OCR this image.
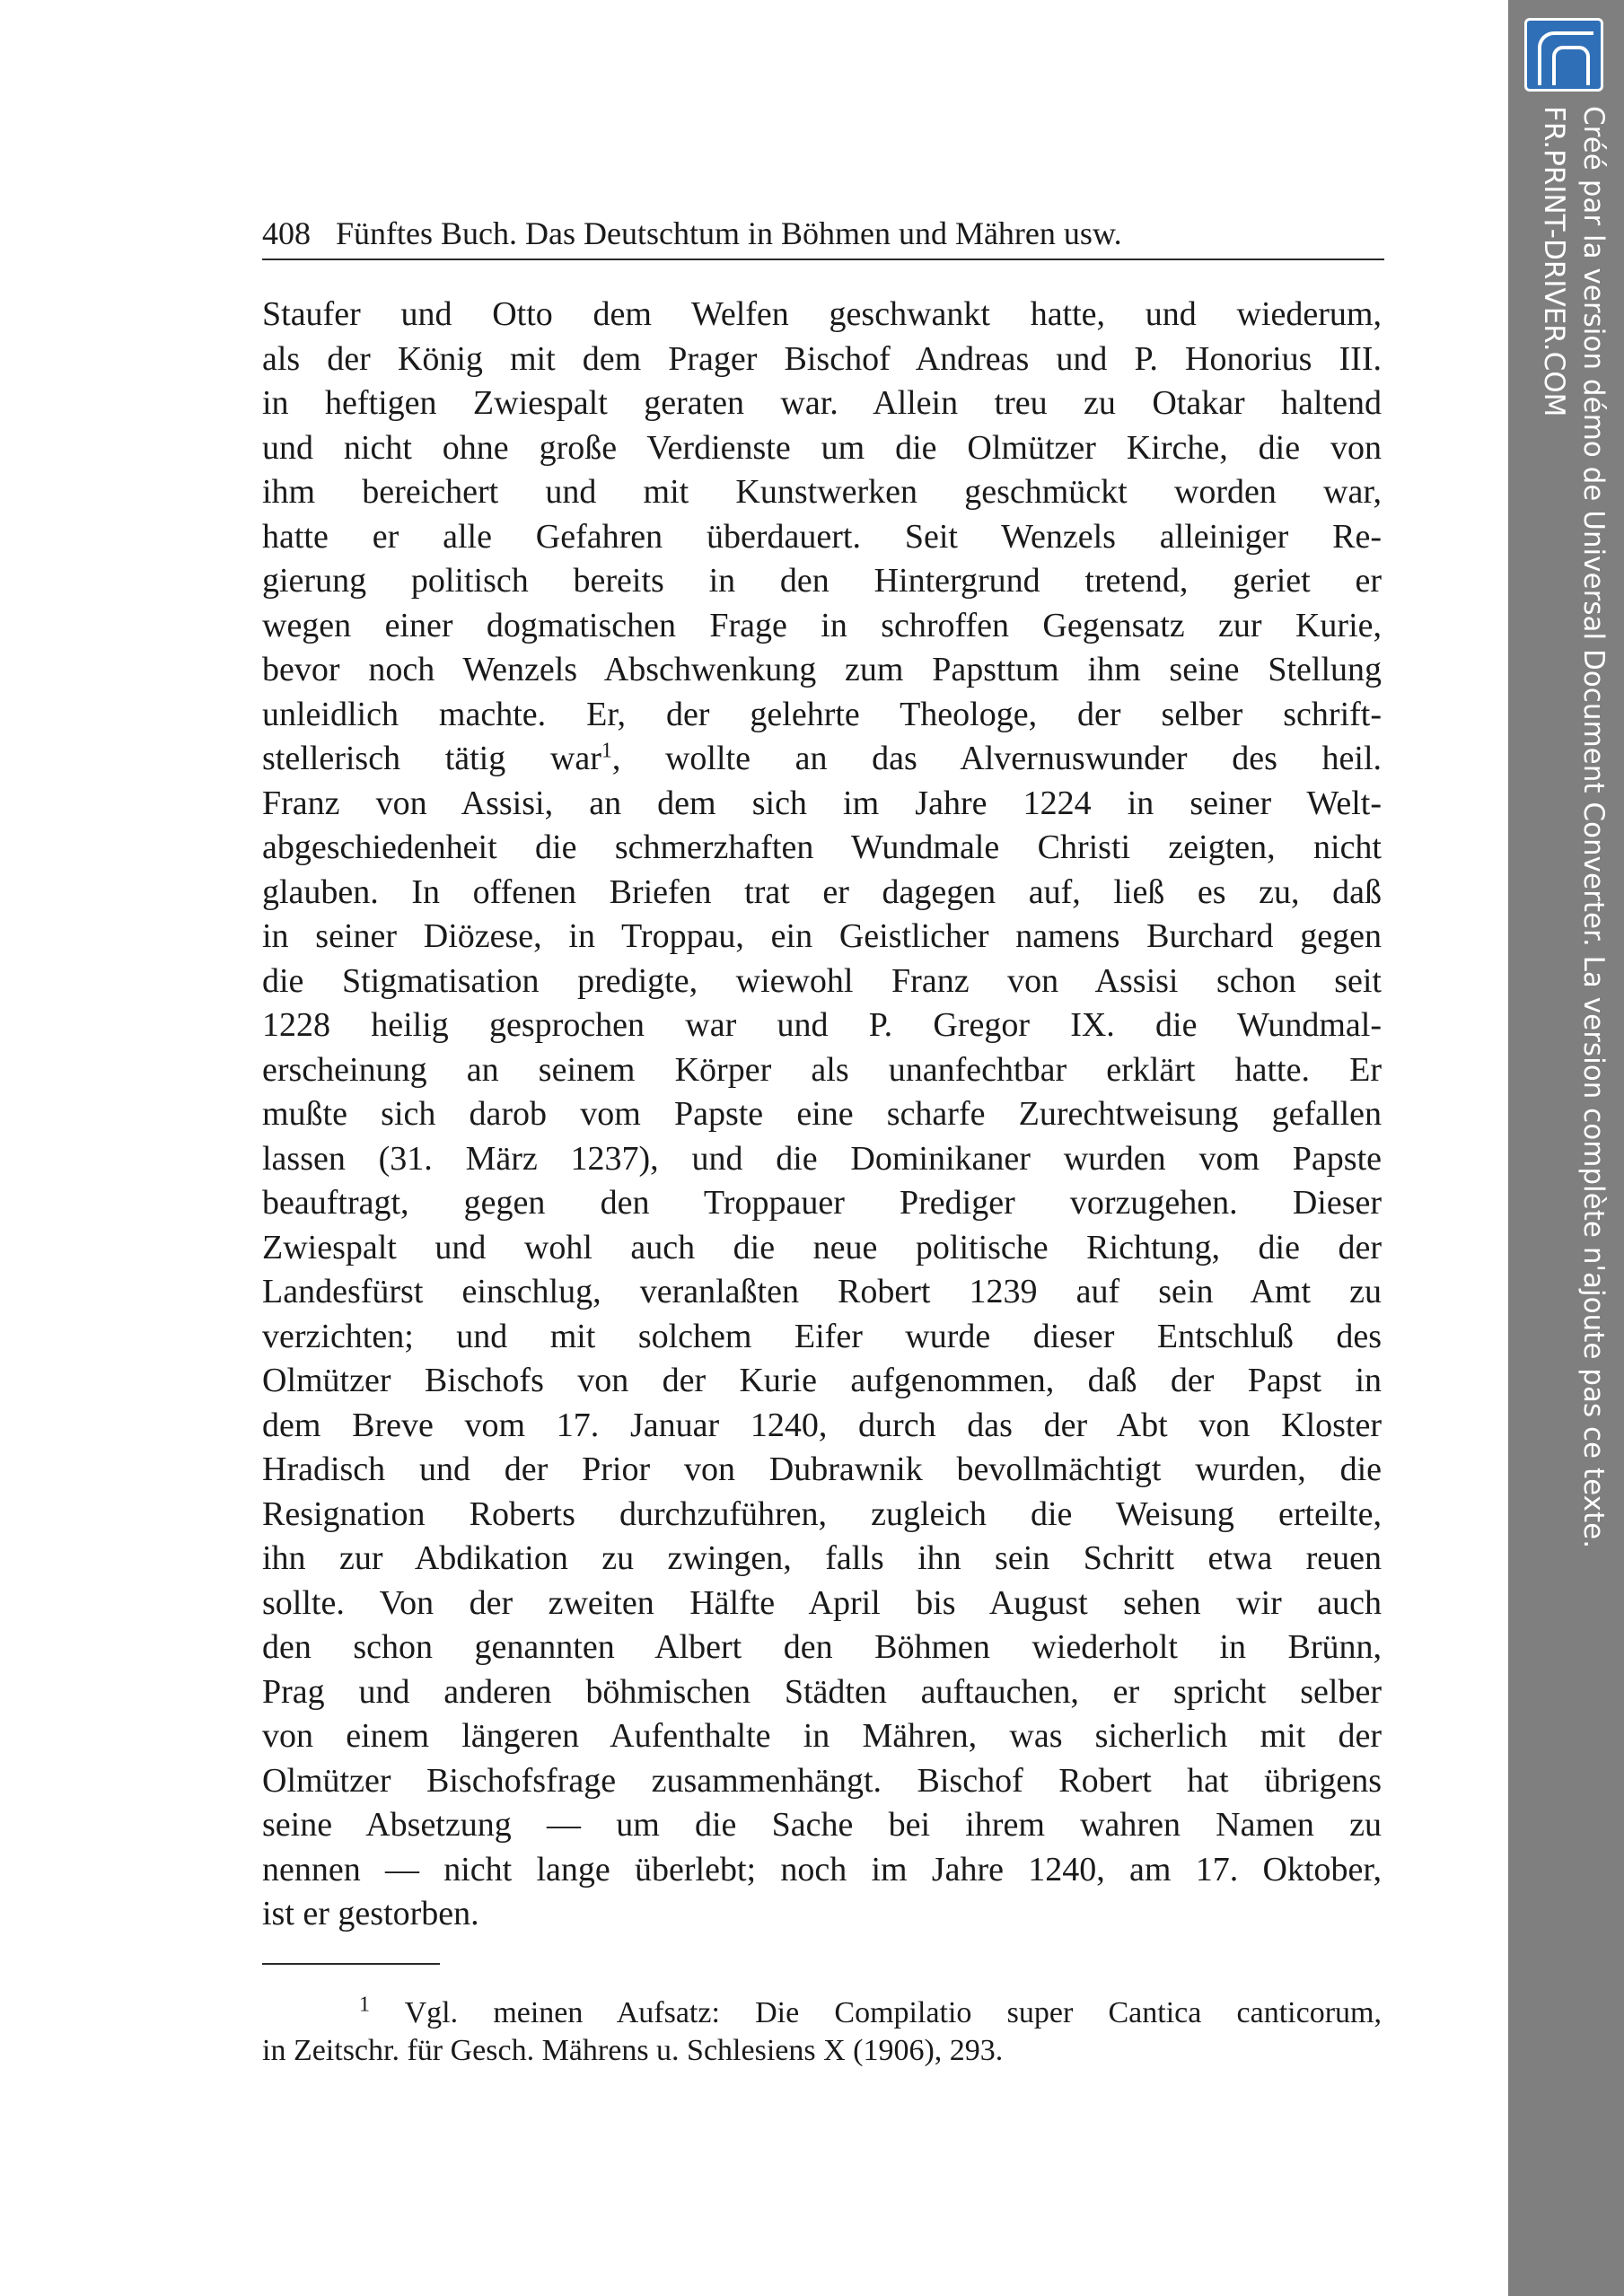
408 Fünftes Buch. Das Deutschtum in Böhmen und Mähren usw.
Staufer und Otto dem Welfen geschwankt hatte, und wiederum,
als der König mit dem Prager Bischof Andreas und P. Honorius III.
in heftigen Zwiespalt geraten war. Allein treu zu Otakar haltend
und nicht ohne große Verdienste um die Olmützer Kirche, die von
ihm bereichert und mit Kunstwerken geschmückt worden war,
hatte er alle Gefahren überdauert. Seit Wenzels alleiniger Re-
gierung politisch bereits in den Hintergrund tretend, geriet er
wegen einer dogmatischen Frage in schroffen Gegensatz zur Kurie,
bevor noch Wenzels Abschwenkung zum Papsttum ihm seine Stellung
unleidlich machte. Er, der gelehrte Theologe, der selber schrift-
stellerisch tätig war$^1$, wollte an das Alvernuswunder des heil.
Franz von Assisi, an dem sich im Jahre 1224 in seiner Welt-
abgeschiedenheit die schmerzhaften Wundmale Christi zeigten, nicht
glauben. In offenen Briefen trat er dagegen auf, ließ es zu, daß
in seiner Diözese, in Troppau, ein Geistlicher namens Burchard gegen
die Stigmatisation predigte, wiewohl Franz von Assisi schon seit
1228 heilig gesprochen war und P. Gregor IX. die Wundmal-
erscheinung an seinem Körper als unanfechtbar erklärt hatte. Er
mußte sich darob vom Papste eine scharfe Zurechtweisung gefallen
lassen (31. März 1237), und die Dominikaner wurden vom Papste
beauftragt, gegen den Troppauer Prediger vorzugehen. Dieser
Zwiespalt und wohl auch die neue politische Richtung, die der
Landesfürst einschlug, veranlaßten Robert 1239 auf sein Amt zu
verzichten; und mit solchem Eifer wurde dieser Entschluß des
Olmützer Bischofs von der Kurie aufgenommen, daß der Papst in
dem Breve vom 17. Januar 1240, durch das der Abt von Kloster
Hradisch und der Prior von Dubrawnik bevollmächtigt wurden, die
Resignation Roberts durchzuführen, zugleich die Weisung erteilte,
ihn zur Abdikation zu zwingen, falls ihn sein Schritt etwa reuen
sollte. Von der zweiten Hälfte April bis August sehen wir auch
den schon genannten Albert den Böhmen wiederholt in Brünn,
Prag und anderen böhmischen Städten auftauchen, er spricht selber
von einem längeren Aufenthalte in Mähren, was sicherlich mit der
Olmützer Bischofsfrage zusammenhängt. Bischof Robert hat übrigens
seine Absetzung — um die Sache bei ihrem wahren Namen zu
nennen — nicht lange überlebt; noch im Jahre 1240, am 17. Oktober,
ist er gestorben.
$^1$ Vgl. meinen Aufsatz: Die Compilatio super Cantica canticorum,
in Zeitschr. für Gesch. Mährens u. Schlesiens X (1906), 293.
Créé par la version démo de Universal Document Converter. La version complète n'ajoute pas ce texte.
FR.PRINT-DRIVER.COM
